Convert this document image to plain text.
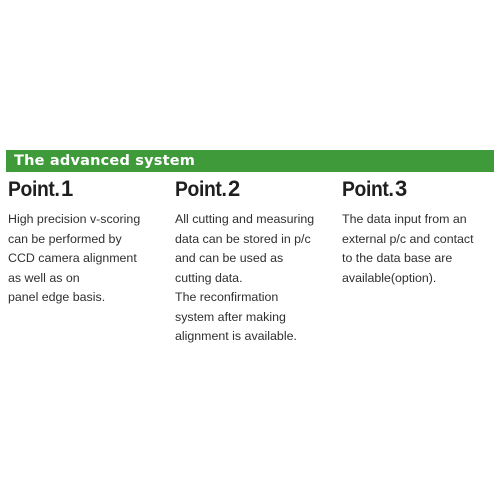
The advanced system
Point.1

High precision v-scoring
can be performed by
CCD camera alignment
as well as on
panel edge basis.

Point.2

All cutting and measuring
data can be stored in p/c
and can be used as
cutting data.
The reconfirmation
system after making
alignment is available.

Point.3

The data input from an
external p/c and contact
to the data base are
available(option).
